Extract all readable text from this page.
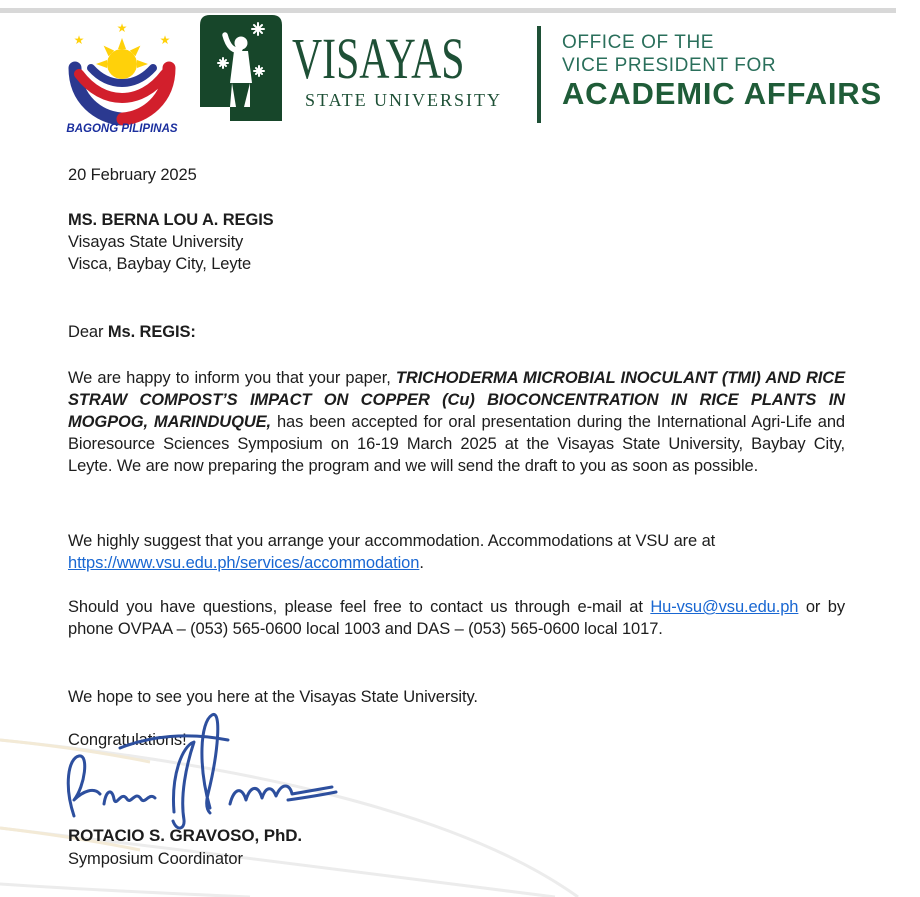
★
★
★
BAGONG PILIPINAS
VISAYAS

STATE UNIVERSITY
OFFICE OF THE
VICE PRESIDENT FOR
ACADEMIC AFFAIRS
20 February 2025
MS. BERNA LOU A. REGIS
Visayas State University
Visca, Baybay City, Leyte
Dear Ms. REGIS:
We are happy to inform you that your paper, TRICHODERMA MICROBIAL INOCULANT (TMI) AND RICE STRAW COMPOST’S IMPACT ON COPPER (Cu) BIOCONCENTRATION IN RICE PLANTS IN MOGPOG, MARINDUQUE, has been accepted for oral presentation during the International Agri-Life and Bioresource Sciences Symposium on 16-19 March 2025 at the Visayas State University, Baybay City, Leyte. We are now preparing the program and we will send the draft to you as soon as possible.
We highly suggest that you arrange your accommodation. Accommodations at VSU are at https://www.vsu.edu.ph/services/accommodation.
Should you have questions, please feel free to contact us through e-mail at Hu-vsu@vsu.edu.ph or by phone OVPAA – (053) 565-0600 local 1003 and DAS – (053) 565-0600 local 1017.
We hope to see you here at the Visayas State University.
Congratulations!
ROTACIO S. GRAVOSO, PhD.
Symposium Coordinator
